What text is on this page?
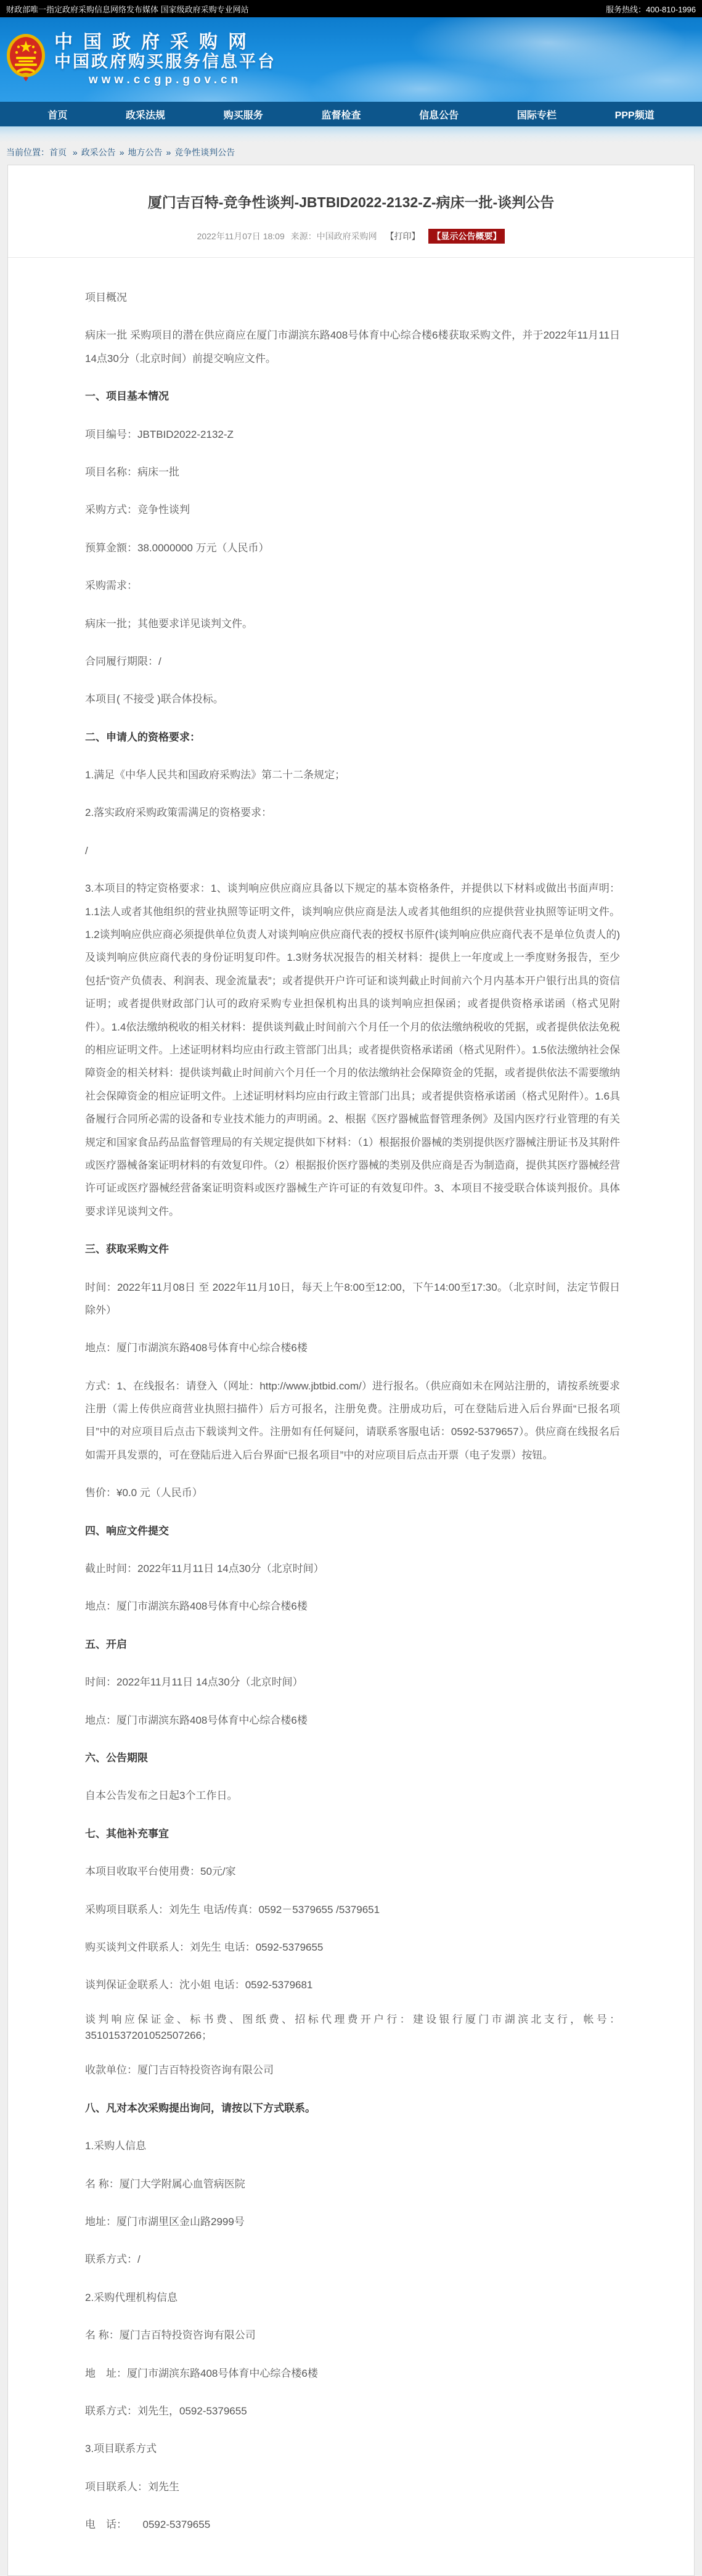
财政部唯一指定政府采购信息网络发布媒体 国家级政府采购专业网站	服务热线：400-810-1996
中国政府采购网
中国政府购买服务信息平台
www.ccgp.gov.cn
首页	政采法规	购买服务	监督检查	信息公告	国际专栏	PPP频道
当前位置：首页 » 政采公告 » 地方公告 » 竞争性谈判公告
厦门吉百特-竞争性谈判-JBTBID2022-2132-Z-病床一批-谈判公告
2022年11月07日 18:09 来源：中国政府采购网 【打印】 【显示公告概要】

项目概况

病床一批 采购项目的潜在供应商应在厦门市湖滨东路408号体育中心综合楼6楼获取采购文件，并于2022年11月11日 14点30分（北京时间）前提交响应文件。

一、项目基本情况

项目编号：JBTBID2022-2132-Z

项目名称：病床一批

采购方式：竞争性谈判

预算金额：38.0000000 万元（人民币）

采购需求：

病床一批；其他要求详见谈判文件。

合同履行期限：/

本项目( 不接受 )联合体投标。

二、申请人的资格要求：

1.满足《中华人民共和国政府采购法》第二十二条规定；

2.落实政府采购政策需满足的资格要求：

/

3.本项目的特定资格要求：1、谈判响应供应商应具备以下规定的基本资格条件，并提供以下材料或做出书面声明：1.1法人或者其他组织的营业执照等证明文件，谈判响应供应商是法人或者其他组织的应提供营业执照等证明文件。1.2谈判响应供应商必须提供单位负责人对谈判响应供应商代表的授权书原件(谈判响应供应商代表不是单位负责人的)及谈判响应供应商代表的身份证明复印件。1.3财务状况报告的相关材料：提供上一年度或上一季度财务报告，至少包括“资产负债表、利润表、现金流量表”；或者提供开户许可证和谈判截止时间前六个月内基本开户银行出具的资信证明；或者提供财政部门认可的政府采购专业担保机构出具的谈判响应担保函；或者提供资格承诺函（格式见附件）。1.4依法缴纳税收的相关材料：提供谈判截止时间前六个月任一个月的依法缴纳税收的凭据，或者提供依法免税的相应证明文件。上述证明材料均应由行政主管部门出具；或者提供资格承诺函（格式见附件）。1.5依法缴纳社会保障资金的相关材料：提供谈判截止时间前六个月任一个月的依法缴纳社会保障资金的凭据，或者提供依法不需要缴纳社会保障资金的相应证明文件。上述证明材料均应由行政主管部门出具；或者提供资格承诺函（格式见附件）。1.6具备履行合同所必需的设备和专业技术能力的声明函。2、根据《医疗器械监督管理条例》及国内医疗行业管理的有关规定和国家食品药品监督管理局的有关规定提供如下材料：（1）根据报价器械的类别提供医疗器械注册证书及其附件或医疗器械备案证明材料的有效复印件。（2）根据报价医疗器械的类别及供应商是否为制造商，提供其医疗器械经营许可证或医疗器械经营备案证明资料或医疗器械生产许可证的有效复印件。3、本项目不接受联合体谈判报价。具体要求详见谈判文件。

三、获取采购文件

时间：2022年11月08日 至 2022年11月10日，每天上午8:00至12:00，下午14:00至17:30。（北京时间，法定节假日除外）

地点：厦门市湖滨东路408号体育中心综合楼6楼

方式：1、在线报名：请登入（网址：http://www.jbtbid.com/）进行报名。（供应商如未在网站注册的，请按系统要求注册（需上传供应商营业执照扫描件）后方可报名，注册免费。注册成功后，可在登陆后进入后台界面“已报名项目”中的对应项目后点击下载谈判文件。注册如有任何疑问，请联系客服电话：0592-5379657）。供应商在线报名后如需开具发票的，可在登陆后进入后台界面“已报名项目”中的对应项目后点击开票（电子发票）按钮。

售价：¥0.0 元（人民币）

四、响应文件提交

截止时间：2022年11月11日 14点30分（北京时间）

地点：厦门市湖滨东路408号体育中心综合楼6楼

五、开启

时间：2022年11月11日 14点30分（北京时间）

地点：厦门市湖滨东路408号体育中心综合楼6楼

六、公告期限

自本公告发布之日起3个工作日。

七、其他补充事宜

本项目收取平台使用费：50元/家

采购项目联系人：刘先生 电话/传真：0592－5379655 /5379651

购买谈判文件联系人：刘先生 电话：0592-5379655

谈判保证金联系人：沈小姐 电话：0592-5379681

谈判响应保证金、标书费、图纸费、招标代理费开户行：建设银行厦门市湖滨北支行，帐号：35101537201052507266；

收款单位：厦门吉百特投资咨询有限公司

八、凡对本次采购提出询问，请按以下方式联系。

1.采购人信息

名 称：厦门大学附属心血管病医院

地址：厦门市湖里区金山路2999号

联系方式：/

2.采购代理机构信息

名 称：厦门吉百特投资咨询有限公司

地　址：厦门市湖滨东路408号体育中心综合楼6楼

联系方式：刘先生，0592-5379655

3.项目联系方式

项目联系人：刘先生

电　话：　　0592-5379655
